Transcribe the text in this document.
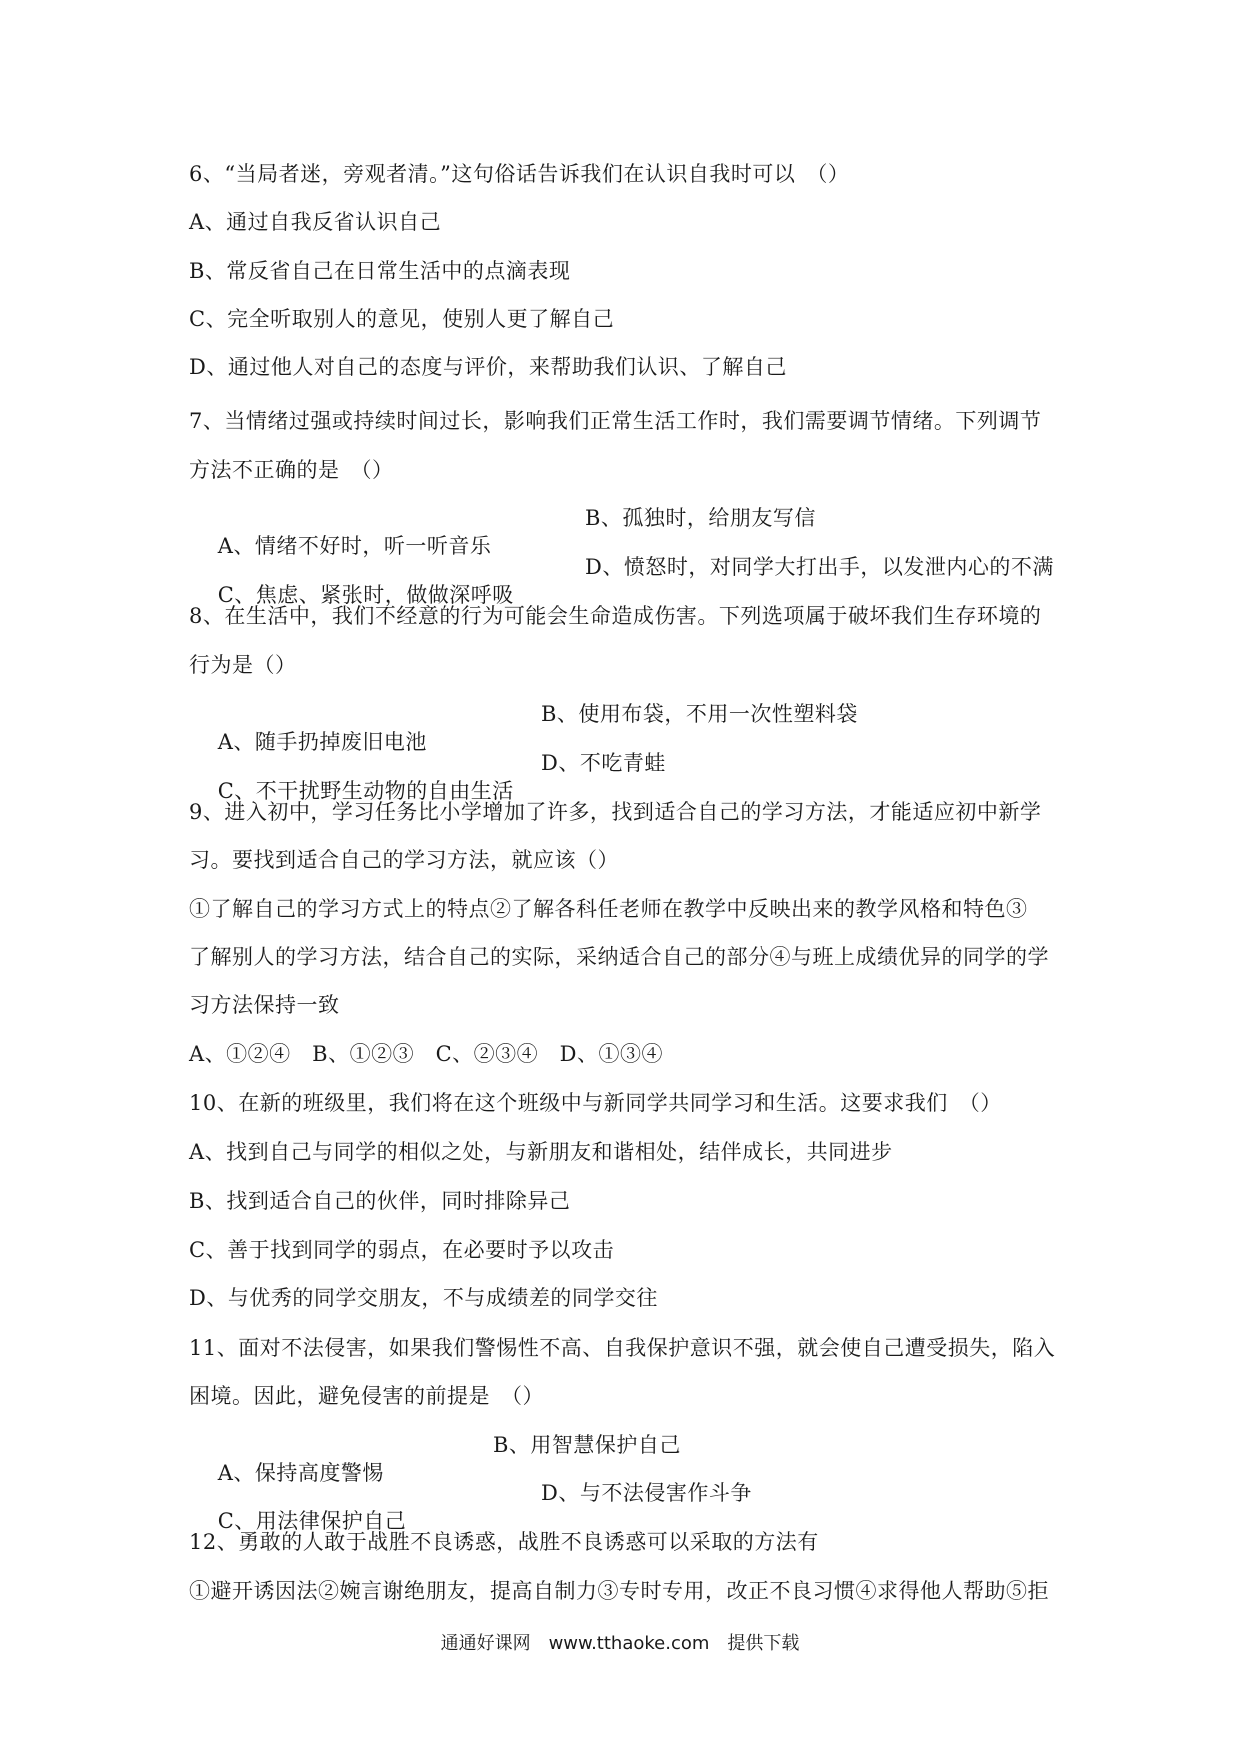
6、“当局者迷，旁观者清。”这句俗话告诉我们在认识自我时可以　（）
A、通过自我反省认识自己
B、常反省自己在日常生活中的点滴表现
C、完全听取别人的意见，使别人更了解自己
D、通过他人对自己的态度与评价，来帮助我们认识、了解自己
7、当情绪过强或持续时间过长，影响我们正常生活工作时，我们需要调节情绪。下列调节
方法不正确的是　（）

A、情绪不好时，听一听音乐

B、孤独时，给朋友写信

C、焦虑、紧张时，做做深呼吸

D、愤怒时，对同学大打出手，以发泄内心的不满

8、在生活中，我们不经意的行为可能会生命造成伤害。下列选项属于破坏我们生存环境的
行为是（）

A、随手扔掉废旧电池

B、使用布袋，不用一次性塑料袋

C、不干扰野生动物的自由生活

D、不吃青蛙

9、进入初中，学习任务比小学增加了许多，找到适合自己的学习方法，才能适应初中新学
习。要找到适合自己的学习方法，就应该（）
①了解自己的学习方式上的特点②了解各科任老师在教学中反映出来的教学风格和特色③
了解别人的学习方法，结合自己的实际，采纳适合自己的部分④与班上成绩优异的同学的学
习方法保持一致
A、①②④　B、①②③　C、②③④　D、①③④
10、在新的班级里，我们将在这个班级中与新同学共同学习和生活。这要求我们　（）
A、找到自己与同学的相似之处，与新朋友和谐相处，结伴成长，共同进步
B、找到适合自己的伙伴，同时排除异己
C、善于找到同学的弱点，在必要时予以攻击
D、与优秀的同学交朋友，不与成绩差的同学交往
11、面对不法侵害，如果我们警惕性不高、自我保护意识不强，就会使自己遭受损失，陷入
困境。因此，避免侵害的前提是　（）

A、保持高度警惕

B、用智慧保护自己

C、用法律保护自己

D、与不法侵害作斗争

12、勇敢的人敢于战胜不良诱惑，战胜不良诱惑可以采取的方法有
①避开诱因法②婉言谢绝朋友，提高自制力③专时专用，改正不良习惯④求得他人帮助⑤拒
通通好课网　www.tthaoke.com　提供下载
